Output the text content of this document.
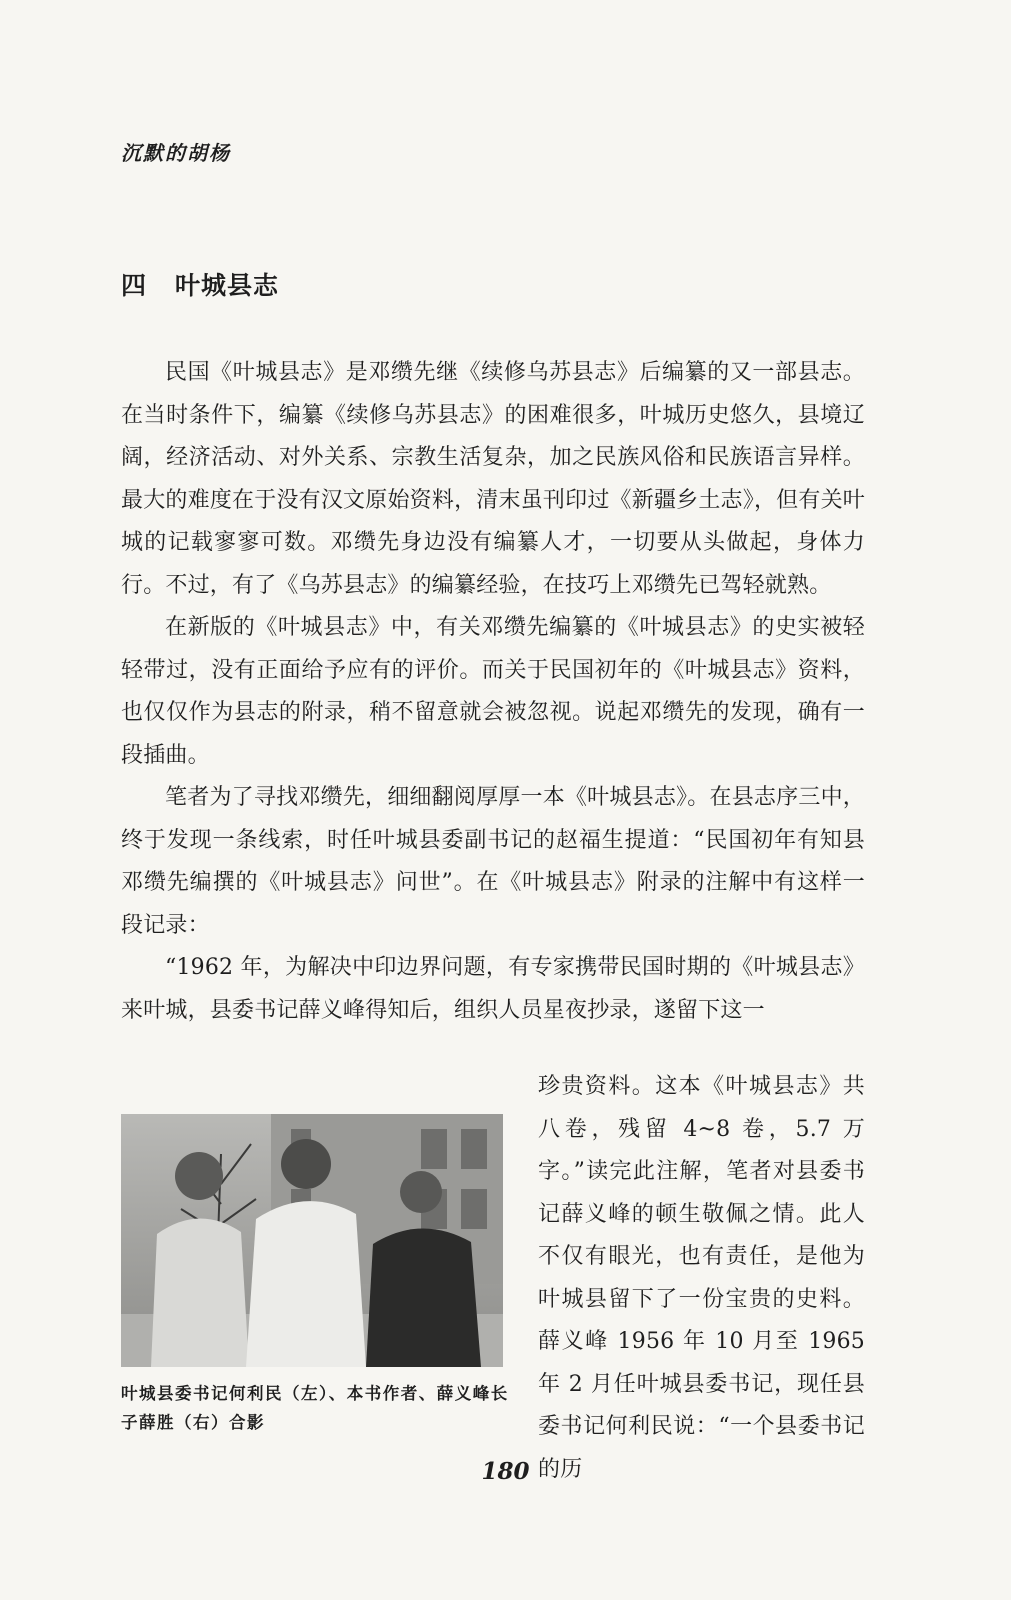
沉默的胡杨
四 叶城县志

民国《叶城县志》是邓缵先继《续修乌苏县志》后编纂的又一部县志。在当时条件下，编纂《续修乌苏县志》的困难很多，叶城历史悠久，县境辽阔，经济活动、对外关系、宗教生活复杂，加之民族风俗和民族语言异样。最大的难度在于没有汉文原始资料，清末虽刊印过《新疆乡土志》，但有关叶城的记载寥寥可数。邓缵先身边没有编纂人才，一切要从头做起，身体力行。不过，有了《乌苏县志》的编纂经验，在技巧上邓缵先已驾轻就熟。

在新版的《叶城县志》中，有关邓缵先编纂的《叶城县志》的史实被轻轻带过，没有正面给予应有的评价。而关于民国初年的《叶城县志》资料，也仅仅作为县志的附录，稍不留意就会被忽视。说起邓缵先的发现，确有一段插曲。

笔者为了寻找邓缵先，细细翻阅厚厚一本《叶城县志》。在县志序三中，终于发现一条线索，时任叶城县委副书记的赵福生提道：“民国初年有知县邓缵先编撰的《叶城县志》问世”。在《叶城县志》附录的注解中有这样一段记录：

“1962 年，为解决中印边界问题，有专家携带民国时期的《叶城县志》来叶城，县委书记薛义峰得知后，组织人员星夜抄录，遂留下这一

叶城县委书记何利民（左）、本书作者、薛义峰长子薛胜（右）合影

珍贵资料。这本《叶城县志》共八卷，残留 4~8 卷，5.7 万字。”读完此注解，笔者对县委书记薛义峰的顿生敬佩之情。此人不仅有眼光，也有责任，是他为叶城县留下了一份宝贵的史料。薛义峰 1956 年 10 月至 1965 年 2 月任叶城县委书记，现任县委书记何利民说：“一个县委书记的历

180
